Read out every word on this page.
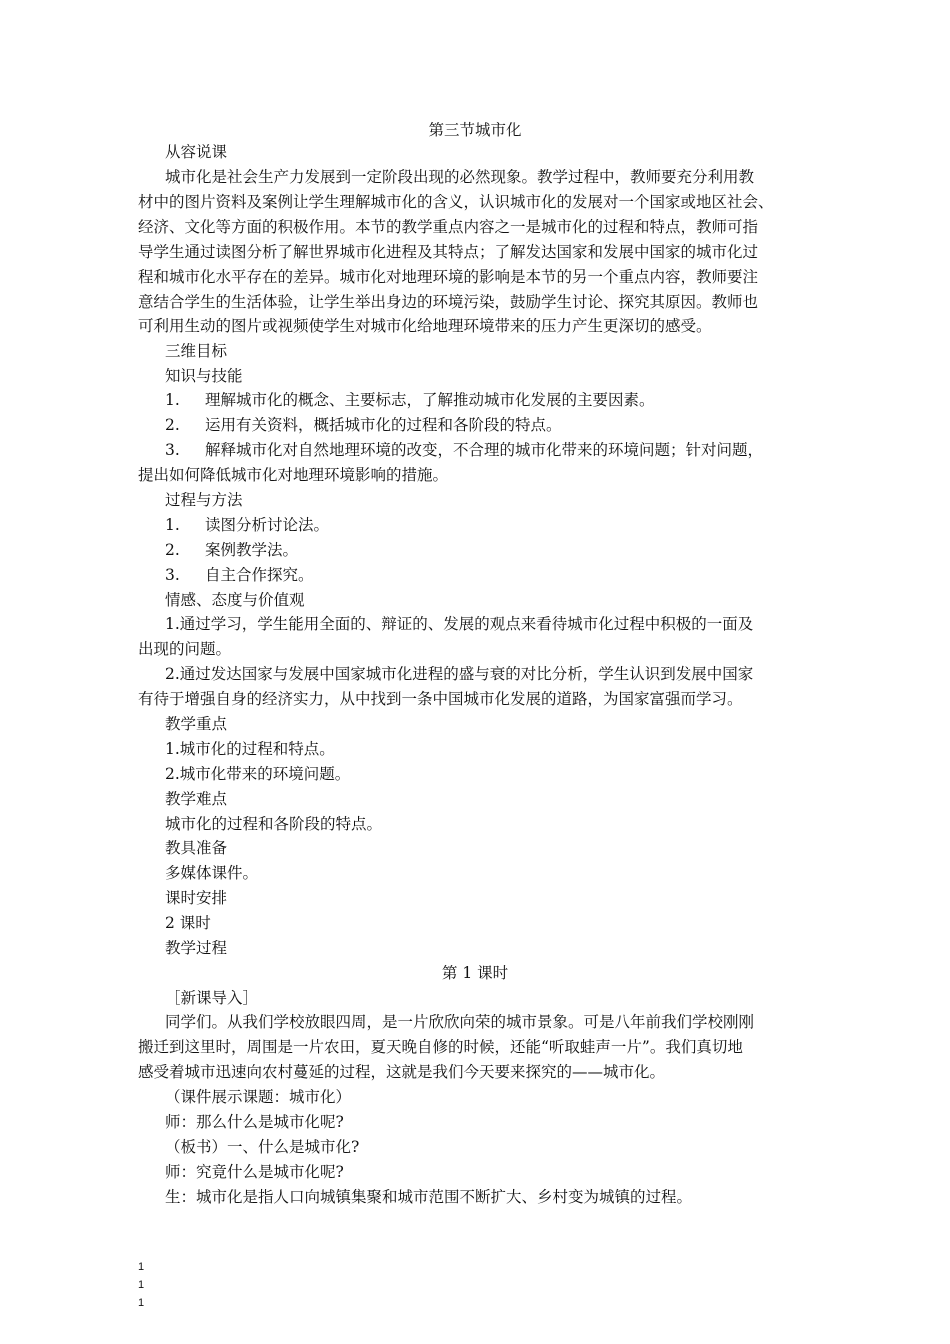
第三节城市化
从容说课
城市化是社会生产力发展到一定阶段出现的必然现象。教学过程中，教师要充分利用教
材中的图片资料及案例让学生理解城市化的含义，认识城市化的发展对一个国家或地区社会、
经济、文化等方面的积极作用。本节的教学重点内容之一是城市化的过程和特点，教师可指
导学生通过读图分析了解世界城市化进程及其特点；了解发达国家和发展中国家的城市化过
程和城市化水平存在的差异。城市化对地理环境的影响是本节的另一个重点内容，教师要注
意结合学生的生活体验，让学生举出身边的环境污染，鼓励学生讨论、探究其原因。教师也
可利用生动的图片或视频使学生对城市化给地理环境带来的压力产生更深切的感受。
三维目标
知识与技能
1. 理解城市化的概念、主要标志，了解推动城市化发展的主要因素。
2. 运用有关资料，概括城市化的过程和各阶段的特点。
3. 解释城市化对自然地理环境的改变，不合理的城市化带来的环境问题；针对问题，
提出如何降低城市化对地理环境影响的措施。
过程与方法
1. 读图分析讨论法。
2. 案例教学法。
3. 自主合作探究。
情感、态度与价值观
1.通过学习，学生能用全面的、辩证的、发展的观点来看待城市化过程中积极的一面及
出现的问题。
2.通过发达国家与发展中国家城市化进程的盛与衰的对比分析，学生认识到发展中国家
有待于增强自身的经济实力，从中找到一条中国城市化发展的道路，为国家富强而学习。
教学重点
1.城市化的过程和特点。
2.城市化带来的环境问题。
教学难点
城市化的过程和各阶段的特点。
教具准备
多媒体课件。
课时安排
2 课时
教学过程
第 1 课时
［新课导入］
同学们。从我们学校放眼四周，是一片欣欣向荣的城市景象。可是八年前我们学校刚刚
搬迁到这里时，周围是一片农田，夏天晚自修的时候，还能“听取蛙声一片”。我们真切地
感受着城市迅速向农村蔓延的过程，这就是我们今天要来探究的——城市化。
（课件展示课题：城市化）
师：那么什么是城市化呢?
（板书）一、什么是城市化?
师：究竟什么是城市化呢?
生：城市化是指人口向城镇集聚和城市范围不断扩大、乡村变为城镇的过程。
1
1
1
